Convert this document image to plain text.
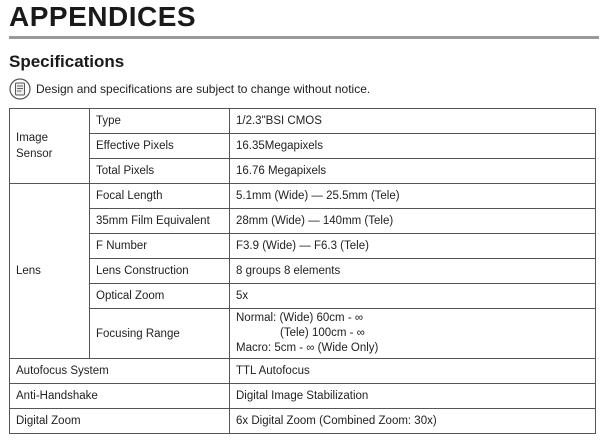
APPENDICES
Specifications
Design and specifications are subject to change without notice.
Image
Sensor	Type	1/2.3"BSI CMOS
	Effective Pixels	16.35Megapixels
	Total Pixels	16.76 Megapixels
Lens	Focal Length	5.1mm (Wide) — 25.5mm (Tele)
	35mm Film Equivalent	28mm (Wide) — 140mm (Tele)
	F Number	F3.9 (Wide) — F6.3 (Tele)
	Lens Construction	8 groups 8 elements
	Optical Zoom	5x
	Focusing Range	Normal: (Wide) 60cm - ∞
(Tele) 100cm - ∞
Macro: 5cm - ∞ (Wide Only)

Autofocus System		TTL Autofocus
Anti-Handshake		Digital Image Stabilization
Digital Zoom		6x Digital Zoom (Combined Zoom: 30x)
